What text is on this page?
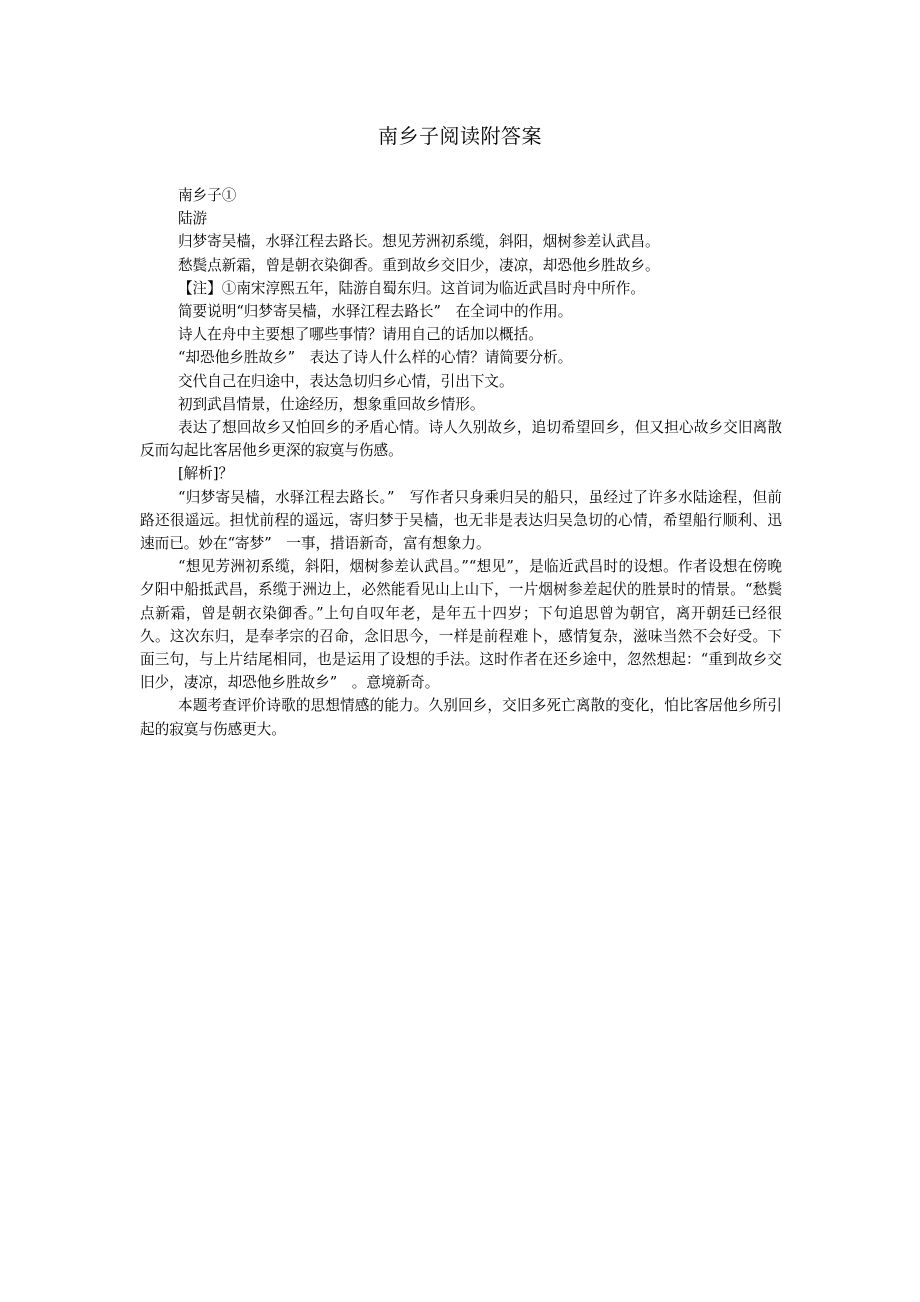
南乡子阅读附答案

南乡子①

陆游

归梦寄吴樯，水驿江程去路长。想见芳洲初系缆，斜阳，烟树参差认武昌。

愁鬓点新霜，曾是朝衣染御香。重到故乡交旧少，凄凉，却恐他乡胜故乡。

【注】①南宋淳熙五年，陆游自蜀东归。这首词为临近武昌时舟中所作。

简要说明“归梦寄吴樯，水驿江程去路长”　在全词中的作用。

诗人在舟中主要想了哪些事情？请用自己的话加以概括。

“却恐他乡胜故乡”　表达了诗人什么样的心情？请简要分析。

交代自己在归途中，表达急切归乡心情，引出下文。

初到武昌情景，仕途经历，想象重回故乡情形。

表达了想回故乡又怕回乡的矛盾心情。诗人久别故乡，追切希望回乡，但又担心故乡交旧离散反而勾起比客居他乡更深的寂寞与伤感。

[解析]？

“归梦寄吴樯，水驿江程去路长。”　写作者只身乘归吴的船只，虽经过了许多水陆途程，但前路还很遥远。担忧前程的遥远，寄归梦于吴樯，也无非是表达归吴急切的心情，希望船行顺利、迅速而已。妙在“寄梦”　一事，措语新奇，富有想象力。

“想见芳洲初系缆，斜阳，烟树参差认武昌。”“想见”，是临近武昌时的设想。作者设想在傍晚夕阳中船抵武昌，系缆于洲边上，必然能看见山上山下，一片烟树参差起伏的胜景时的情景。“愁鬓点新霜，曾是朝衣染御香。”上句自叹年老，是年五十四岁；下句追思曾为朝官，离开朝廷已经很久。这次东归，是奉孝宗的召命，念旧思今，一样是前程难卜，感情复杂，滋味当然不会好受。下面三句，与上片结尾相同，也是运用了设想的手法。这时作者在还乡途中，忽然想起：“重到故乡交旧少，凄凉，却恐他乡胜故乡”　。意境新奇。

本题考查评价诗歌的思想情感的能力。久别回乡，交旧多死亡离散的变化，怕比客居他乡所引起的寂寞与伤感更大。
